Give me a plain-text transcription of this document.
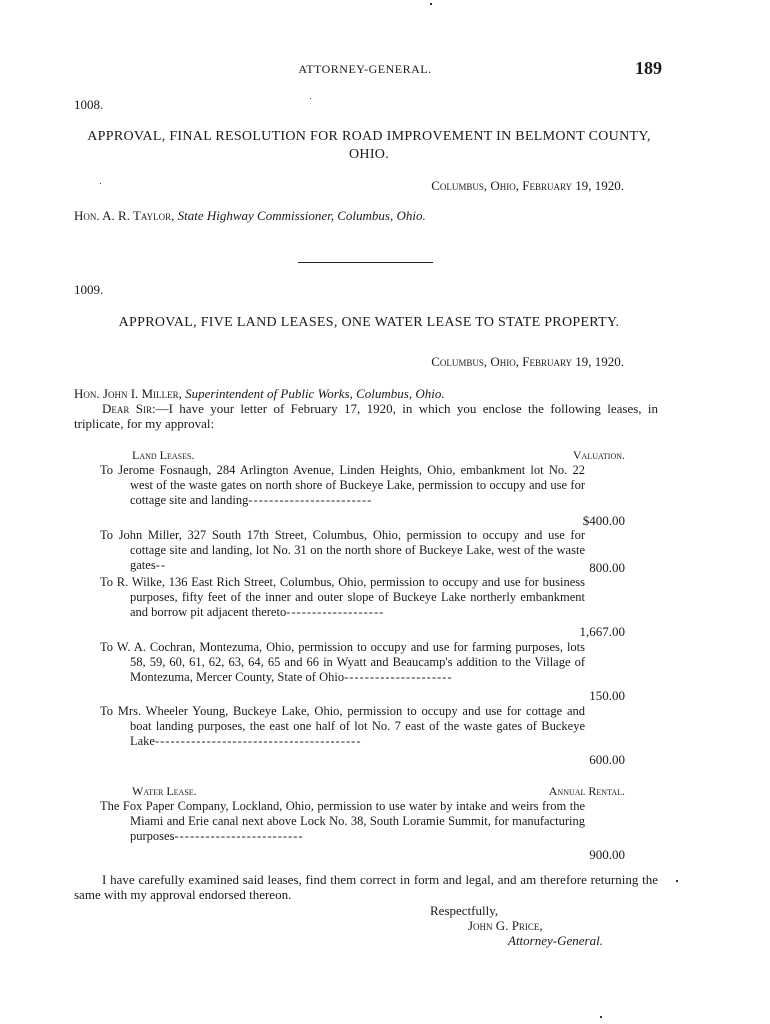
ATTORNEY-GENERAL.	189
1008.
APPROVAL, FINAL RESOLUTION FOR ROAD IMPROVEMENT IN BELMONT COUNTY, OHIO.
Columbus, Ohio, February 19, 1920.
Hon. A. R. Taylor, State Highway Commissioner, Columbus, Ohio.
1009.
APPROVAL, FIVE LAND LEASES, ONE WATER LEASE TO STATE PROPERTY.
Columbus, Ohio, February 19, 1920.
Hon. John I. Miller, Superintendent of Public Works, Columbus, Ohio.
Dear Sir:—I have your letter of February 17, 1920, in which you enclose the following leases, in triplicate, for my approval:
Land Leases.	Valuation.
To Jerome Fosnaugh, 284 Arlington Avenue, Linden Heights, Ohio, embankment lot No. 22 west of the waste gates on north shore of Buckeye Lake, permission to occupy and use for cottage site and landing------------------------
$400.00
To John Miller, 327 South 17th Street, Columbus, Ohio, permission to occupy and use for cottage site and landing, lot No. 31 on the north shore of Buckeye Lake, west of the waste gates--	800.00
To R. Wilke, 136 East Rich Street, Columbus, Ohio, permission to occupy and use for business purposes, fifty feet of the inner and outer slope of Buckeye Lake northerly embankment and borrow pit adjacent thereto-------------------
1,667.00
To W. A. Cochran, Montezuma, Ohio, permission to occupy and use for farming purposes, lots 58, 59, 60, 61, 62, 63, 64, 65 and 66 in Wyatt and Beaucamp's addition to the Village of Montezuma, Mercer County, State of Ohio---------------------
150.00
To Mrs. Wheeler Young, Buckeye Lake, Ohio, permission to occupy and use for cottage and boat landing purposes, the east one half of lot No. 7 east of the waste gates of Buckeye Lake----------------------------------------
600.00
Water Lease.	Annual Rental.
The Fox Paper Company, Lockland, Ohio, permission to use water by intake and weirs from the Miami and Erie canal next above Lock No. 38, South Loramie Summit, for manufacturing purposes-------------------------
900.00
I have carefully examined said leases, find them correct in form and legal, and am therefore returning the same with my approval endorsed thereon.
Respectfully,
John G. Price,
Attorney-General.
